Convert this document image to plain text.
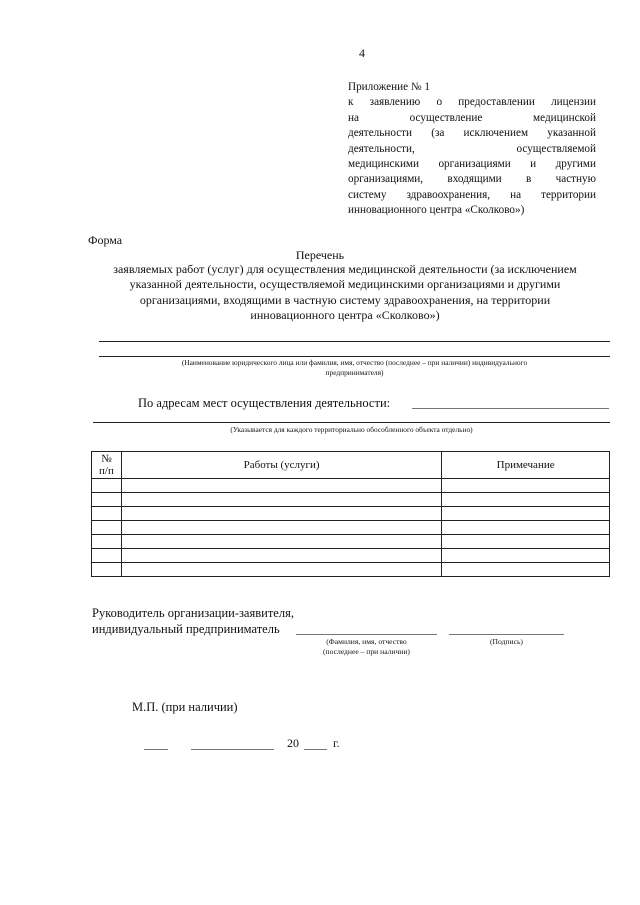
4
Приложение № 1
к заявлению о предоставлении лицензии
на осуществление медицинской
деятельности (за исключением указанной
деятельности, осуществляемой
медицинскими организациями и другими
организациями, входящими в частную
систему здравоохранения, на территории
инновационного центра «Сколково»)
Форма
Перечень
заявляемых работ (услуг) для осуществления медицинской деятельности (за исключением
указанной деятельности, осуществляемой медицинскими организациями и другими
организациями, входящими в частную систему здравоохранения, на территории
инновационного центра «Сколково»)
(Наименование юридического лица или фамилия, имя, отчество (последнее – при наличии) индивидуального
предпринимателя)
По адресам мест осуществления деятельности:
(Указывается для каждого территориально обособленного объекта отдельно)
№
п/п	Работы (услуги)	Примечание

Руководитель организации-заявителя,
индивидуальный предприниматель
(Фамилия, имя, отчество
(последнее – при наличии)
(Подпись)
М.П. (при наличии)
20	г.
